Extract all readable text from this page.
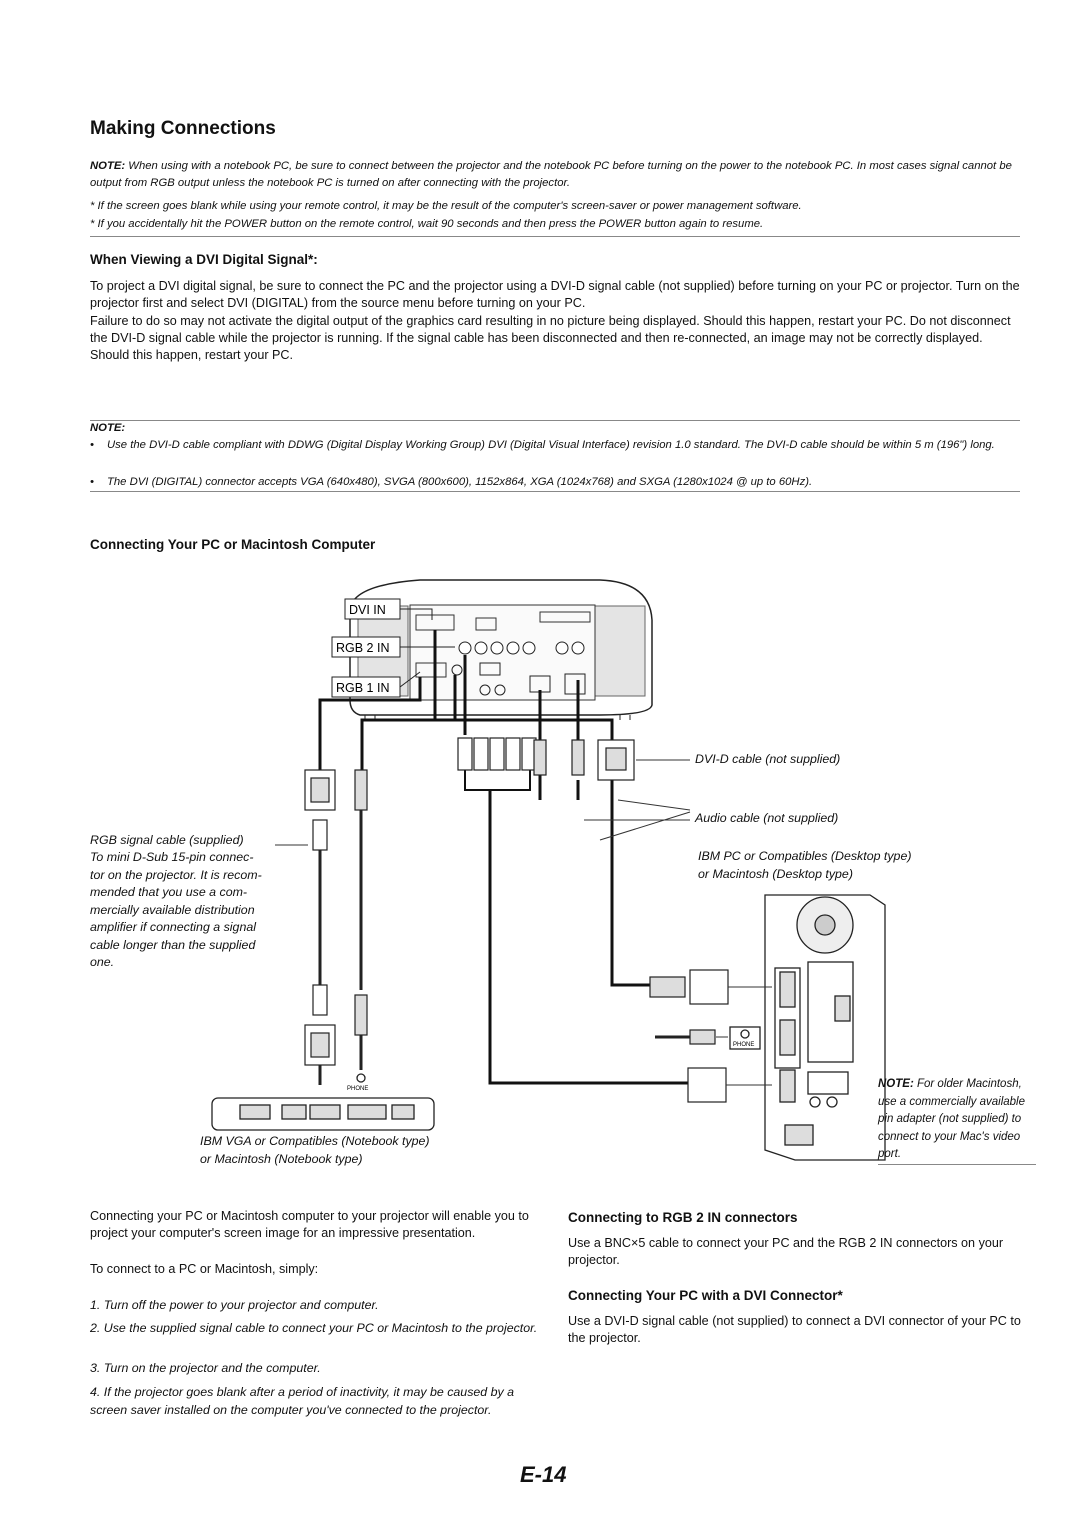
Making Connections
NOTE: When using with a notebook PC, be sure to connect between the projector and the notebook PC before turning on the power to the notebook PC. In most cases signal cannot be output from RGB output unless the notebook PC is turned on after connecting with the projector.
* If the screen goes blank while using your remote control, it may be the result of the computer's screen-saver or power management software.
* If you accidentally hit the POWER button on the remote control, wait 90 seconds and then press the POWER button again to resume.
When Viewing a DVI Digital Signal*:
To project a DVI digital signal, be sure to connect the PC and the projector using a DVI-D signal cable (not supplied) before turning on your PC or projector. Turn on the projector first and select DVI (DIGITAL) from the source menu before turning on your PC.
Failure to do so may not activate the digital output of the graphics card resulting in no picture being displayed. Should this happen, restart your PC. Do not disconnect the DVI-D signal cable while the projector is running. If the signal cable has been disconnected and then re-connected, an image may not be correctly displayed. Should this happen, restart your PC.
NOTE:
• Use the DVI-D cable compliant with DDWG (Digital Display Working Group) DVI (Digital Visual Interface) revision 1.0 standard. The DVI-D cable should be within 5 m (196") long.
• The DVI (DIGITAL) connector accepts VGA (640x480), SVGA (800x600), 1152x864, XGA (1024x768) and SXGA (1280x1024 @ up to 60Hz).
Connecting Your PC or Macintosh Computer
DVI IN
RGB 2 IN
RGB 1 IN
PHONE
PHONE
DVI-D cable (not supplied)
Audio cable (not supplied)
IBM PC or Compatibles (Desktop type)
or Macintosh (Desktop type)
RGB signal cable (supplied)
To mini D-Sub 15-pin connec-
tor on the projector. It is recom-
mended that you use a com-
mercially available distribution
amplifier if connecting a signal
cable longer than the supplied
one.
IBM VGA or Compatibles (Notebook type)
or Macintosh (Notebook type)
NOTE: For older Macintosh,
use a commercially available
pin adapter (not supplied) to
connect to your Mac's video
port.
Connecting your PC or Macintosh computer to your projector will enable you to project your computer's screen image for an impressive presentation.
To connect to a PC or Macintosh, simply:
1. Turn off the power to your projector and computer.
2. Use the supplied signal cable to connect your PC or Macintosh to the projector.
3. Turn on the projector and the computer.
4. If the projector goes blank after a period of inactivity, it may be caused by a screen saver installed on the computer you've connected to the projector.
Connecting to RGB 2 IN connectors
Use a BNC×5 cable to connect your PC and the RGB 2 IN connectors on your projector.
Connecting Your PC with a DVI Connector*
Use a DVI-D signal cable (not supplied) to connect a DVI connector of your PC to the projector.
E-14
